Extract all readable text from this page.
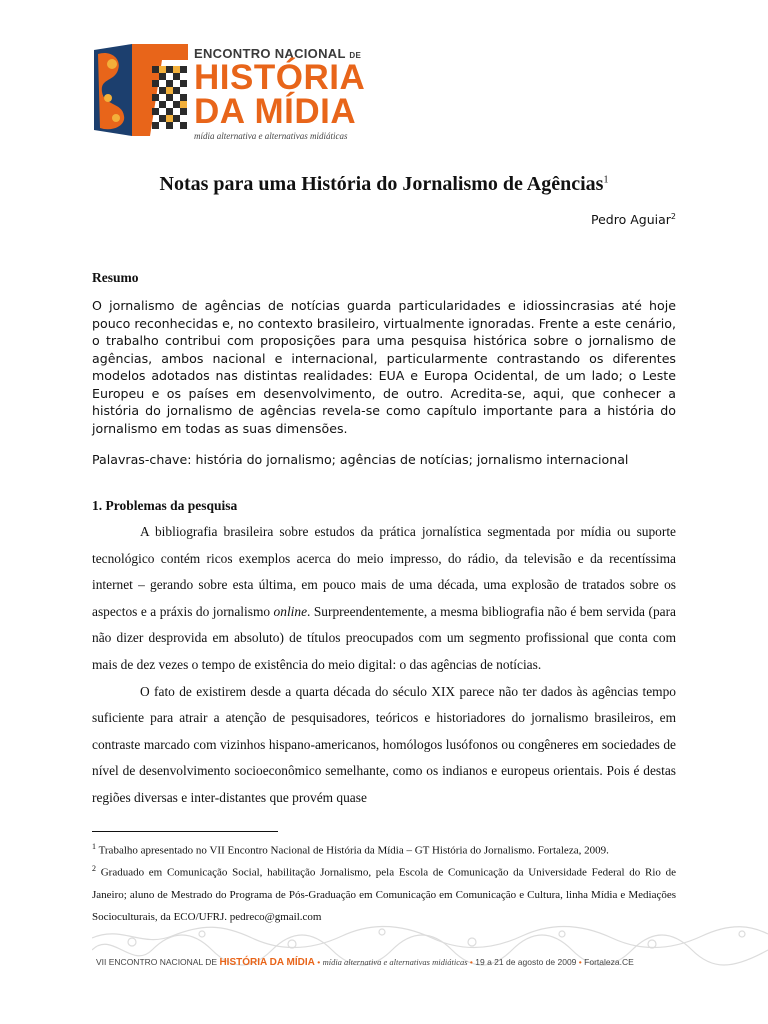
ENCONTRO NACIONAL DE
HISTÓRIA
DA MÍDIA
mídia alternativa e alternativas midiáticas
Notas para uma História do Jornalismo de Agências$^1$
Pedro Aguiar$^2$
Resumo

O jornalismo de agências de notícias guarda particularidades e idiossincrasias até hoje pouco reconhecidas e, no contexto brasileiro, virtualmente ignoradas. Frente a este cenário, o trabalho contribui com proposições para uma pesquisa histórica sobre o jornalismo de agências, ambos nacional e internacional, particularmente contrastando os diferentes modelos adotados nas distintas realidades: EUA e Europa Ocidental, de um lado; o Leste Europeu e os países em desenvolvimento, de outro. Acredita-se, aqui, que conhecer a história do jornalismo de agências revela-se como capítulo importante para a história do jornalismo em todas as suas dimensões.

Palavras-chave: história do jornalismo; agências de notícias; jornalismo internacional

1. Problemas da pesquisa

A bibliografia brasileira sobre estudos da prática jornalística segmentada por mídia ou suporte tecnológico contém ricos exemplos acerca do meio impresso, do rádio, da televisão e da recentíssima internet – gerando sobre esta última, em pouco mais de uma década, uma explosão de tratados sobre os aspectos e a práxis do jornalismo online. Surpreendentemente, a mesma bibliografia não é bem servida (para não dizer desprovida em absoluto) de títulos preocupados com um segmento profissional que conta com mais de dez vezes o tempo de existência do meio digital: o das agências de notícias.

O fato de existirem desde a quarta década do século XIX parece não ter dados às agências tempo suficiente para atrair a atenção de pesquisadores, teóricos e historiadores do jornalismo brasileiros, em contraste marcado com vizinhos hispano-americanos, homólogos lusófonos ou congêneres em sociedades de nível de desenvolvimento socioeconômico semelhante, como os indianos e europeus orientais. Pois é destas regiões diversas e inter-distantes que provém quase

$^1$ Trabalho apresentado no VII Encontro Nacional de História da Mídia – GT História do Jornalismo. Fortaleza, 2009.

$^2$ Graduado em Comunicação Social, habilitação Jornalismo, pela Escola de Comunicação da Universidade Federal do Rio de Janeiro; aluno de Mestrado do Programa de Pós-Graduação em Comunicação em Comunicação e Cultura, linha Mídia e Mediações Socioculturais, da ECO/UFRJ. pedreco@gmail.com

VII ENCONTRO NACIONAL DE HISTÓRIA DA MÍDIA • mídia alternativa e alternativas midiáticas • 19 a 21 de agosto de 2009 • Fortaleza.CE
